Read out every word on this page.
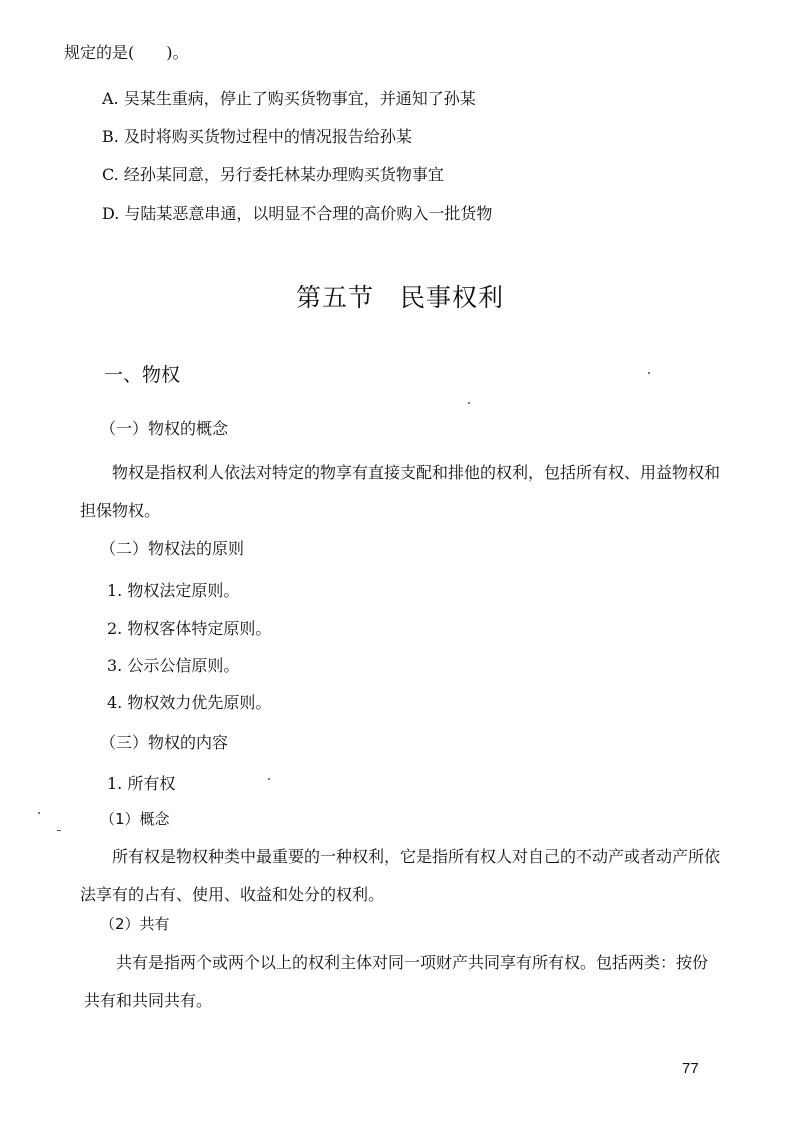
规定的是(　　)。
A. 吴某生重病，停止了购买货物事宜，并通知了孙某
B. 及时将购买货物过程中的情况报告给孙某
C. 经孙某同意，另行委托林某办理购买货物事宜
D. 与陆某恶意串通，以明显不合理的高价购入一批货物
第五节　民事权利
一、物权
（一）物权的概念
物权是指权利人依法对特定的物享有直接支配和排他的权利，包括所有权、用益物权和担保物权。
（二）物权法的原则
1. 物权法定原则。
2. 物权客体特定原则。
3. 公示公信原则。
4. 物权效力优先原则。
（三）物权的内容
1. 所有权
（1）概念
所有权是物权种类中最重要的一种权利，它是指所有权人对自己的不动产或者动产所依法享有的占有、使用、收益和处分的权利。
（2）共有
共有是指两个或两个以上的权利主体对同一项财产共同享有所有权。包括两类：按份共有和共同共有。
77
